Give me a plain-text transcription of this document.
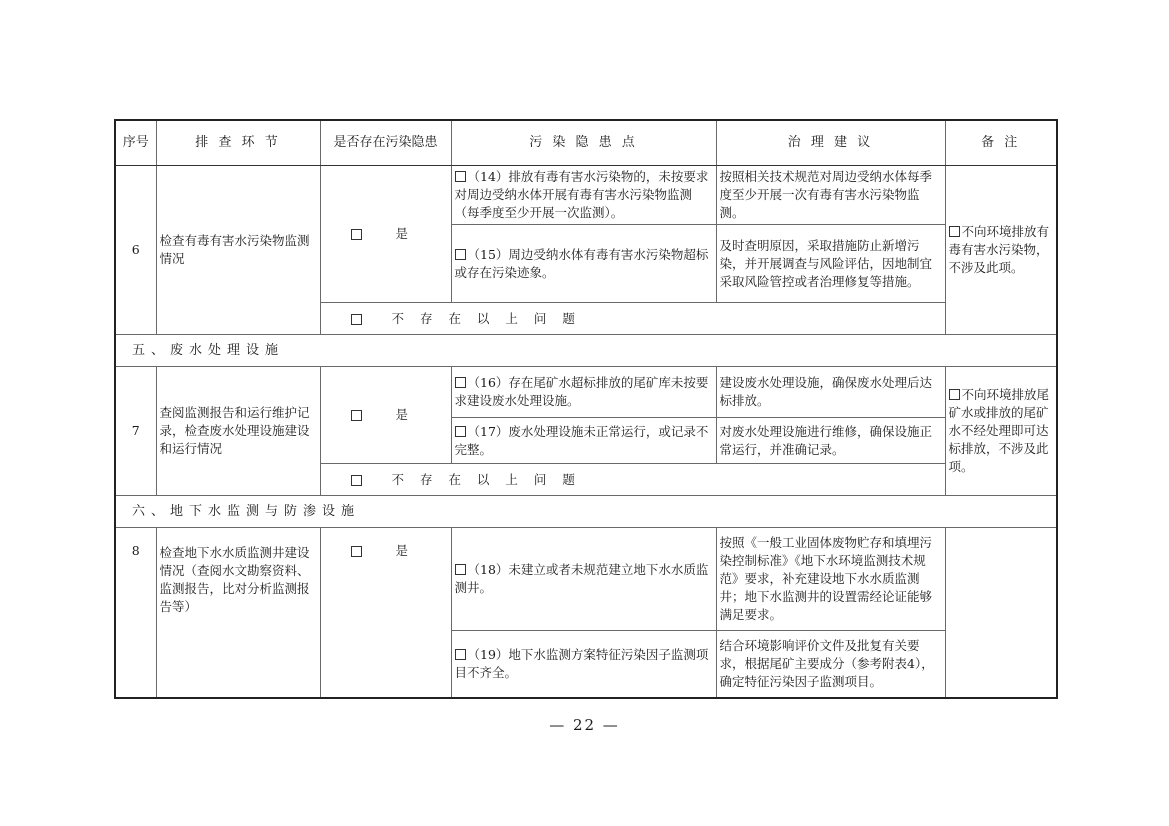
序号	排 查 环 节	是否存在污染隐患	污 染 隐 患 点	治 理 建 议	备 注
6	检查有毒有害水污染物监测情况	是	（14）排放有毒有害水污染物的，未按要求对周边受纳水体开展有毒有害水污染物监测（每季度至少开展一次监测）。	按照相关技术规范对周边受纳水体每季度至少开展一次有毒有害水污染物监测。	不向环境排放有毒有害水污染物，不涉及此项。
			（15）周边受纳水体有毒有害水污染物超标或存在污染迹象。	及时查明原因，采取措施防止新增污染，并开展调查与风险评估，因地制宜采取风险管控或者治理修复等措施。	
		不 存 在 以 上 问 题			
五、废水处理设施					
7	查阅监测报告和运行维护记录，检查废水处理设施建设和运行情况	是	（16）存在尾矿水超标排放的尾矿库未按要求建设废水处理设施。	建设废水处理设施，确保废水处理后达标排放。	不向环境排放尾矿水或排放的尾矿水不经处理即可达标排放，不涉及此项。
			（17）废水处理设施未正常运行，或记录不完整。	对废水处理设施进行维修，确保设施正常运行，并准确记录。	
		不 存 在 以 上 问 题			
六、地下水监测与防渗设施					
8	检查地下水水质监测井建设情况（查阅水文勘察资料、监测报告，比对分析监测报告等）	是	（18）未建立或者未规范建立地下水水质监测井。	按照《一般工业固体废物贮存和填埋污染控制标准》《地下水环境监测技术规范》要求，补充建设地下水水质监测井；地下水监测井的设置需经论证能够满足要求。	
			（19）地下水监测方案特征污染因子监测项目不齐全。	结合环境影响评价文件及批复有关要求，根据尾矿主要成分（参考附表4），确定特征污染因子监测项目。	
— 22 —
